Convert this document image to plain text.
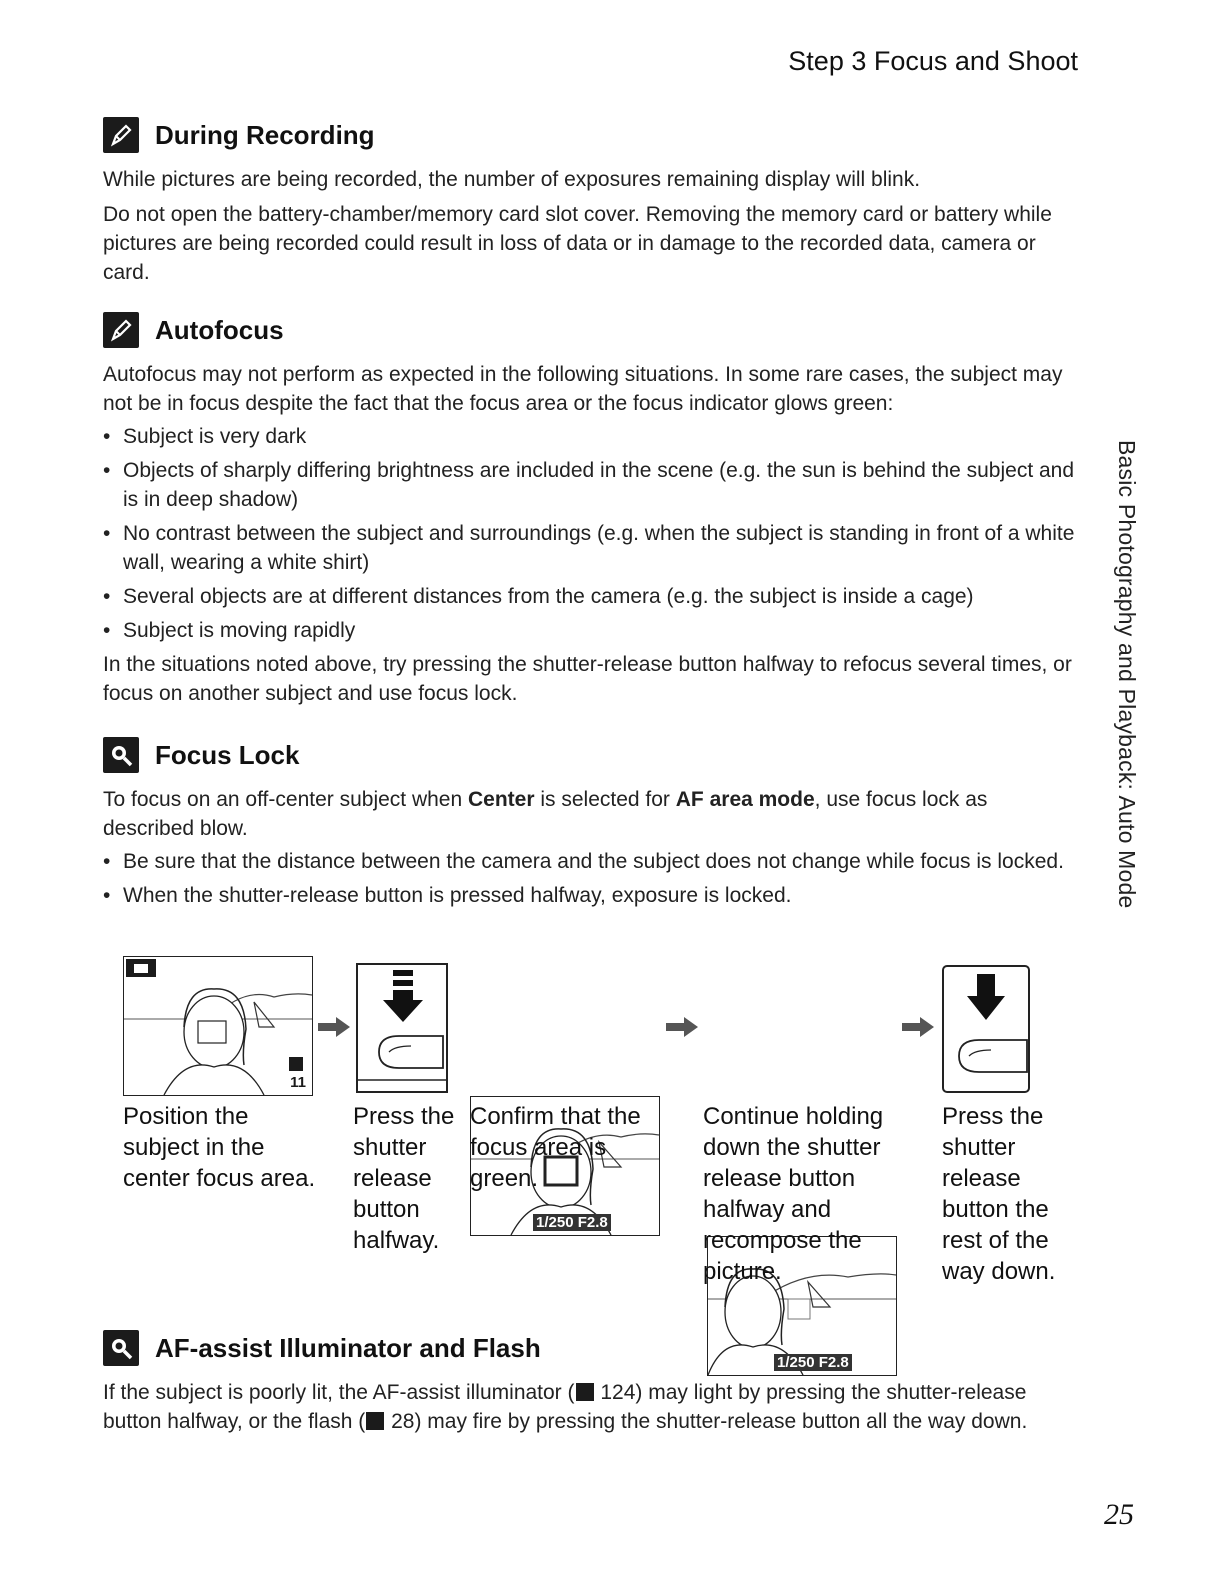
Step 3 Focus and Shoot
Basic Photography and Playback: Auto Mode
During Recording

While pictures are being recorded, the number of exposures remaining display will blink.

Do not open the battery-chamber/memory card slot cover. Removing the memory card or battery while pictures are being recorded could result in loss of data or in damage to the recorded data, camera or card.

Autofocus

Autofocus may not perform as expected in the following situations. In some rare cases, the subject may not be in focus despite the fact that the focus area or the focus indicator glows green:

• Subject is very dark
• Objects of sharply differing brightness are included in the scene (e.g. the sun is behind the subject and is in deep shadow)
• No contrast between the subject and surroundings (e.g. when the subject is standing in front of a white wall, wearing a white shirt)
• Several objects are at different distances from the camera (e.g. the subject is inside a cage)
• Subject is moving rapidly

In the situations noted above, try pressing the shutter-release button halfway to refocus several times, or focus on another subject and use focus lock.

Focus Lock

To focus on an off-center subject when Center is selected for AF area mode, use focus lock as described blow.

• Be sure that the distance between the camera and the subject does not change while focus is locked.
• When the shutter-release button is pressed halfway, exposure is locked.
11
1/250 F2.8
1/250 F2.8
Position the subject in the center focus area.
Press the shutter release button halfway.
Confirm that the focus area is green.
Continue holding down the shutter release button halfway and recompose the picture.
Press the shutter release button the rest of the way down.
AF-assist Illuminator and Flash

If the subject is poorly lit, the AF-assist illuminator ( 124) may light by pressing the shutter-release button halfway, or the flash ( 28) may fire by pressing the shutter-release button all the way down.

25
